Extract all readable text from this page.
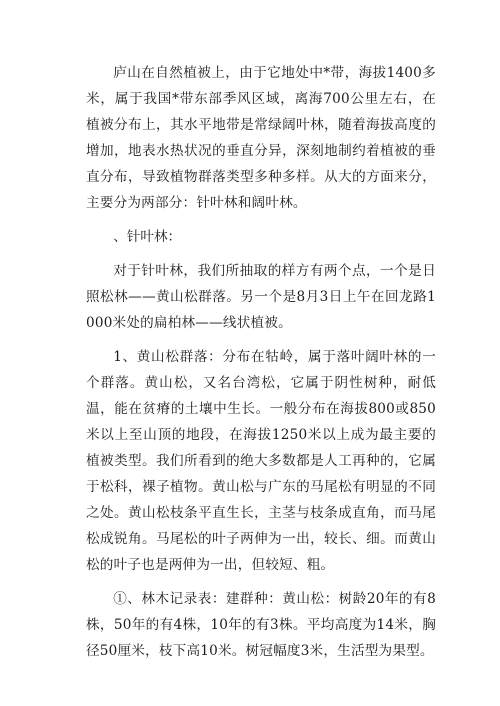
庐山在自然植被上，由于它地处中*带，海拔1400多米，属于我国*带东部季风区域，离海700公里左右，在植被分布上，其水平地带是常绿阔叶林，随着海拔高度的增加，地表水热状况的垂直分异，深刻地制约着植被的垂直分布，导致植物群落类型多种多样。从大的方面来分，主要分为两部分：针叶林和阔叶林。

、针叶林：

对于针叶林，我们所抽取的样方有两个点，一个是日照松林——黄山松群落。另一个是8月3日上午在回龙路1000米处的扁柏林——线状植被。

1、黄山松群落：分布在牯岭，属于落叶阔叶林的一个群落。黄山松，又名台湾松，它属于阴性树种，耐低温，能在贫瘠的土壤中生长。一般分布在海拔800或850米以上至山顶的地段，在海拔1250米以上成为最主要的植被类型。我们所看到的绝大多数都是人工再种的，它属于松科，裸子植物。黄山松与广东的马尾松有明显的不同之处。黄山松枝条平直生长，主茎与枝条成直角，而马尾松成锐角。马尾松的叶子两伸为一出，较长、细。而黄山松的叶子也是两伸为一出，但较短、粗。

①、林木记录表：建群种：黄山松：树龄20年的有8株，50年的有4株，10年的有3株。平均高度为14米，胸径50厘米，枝下高10米。树冠幅度3米，生活型为果型。
